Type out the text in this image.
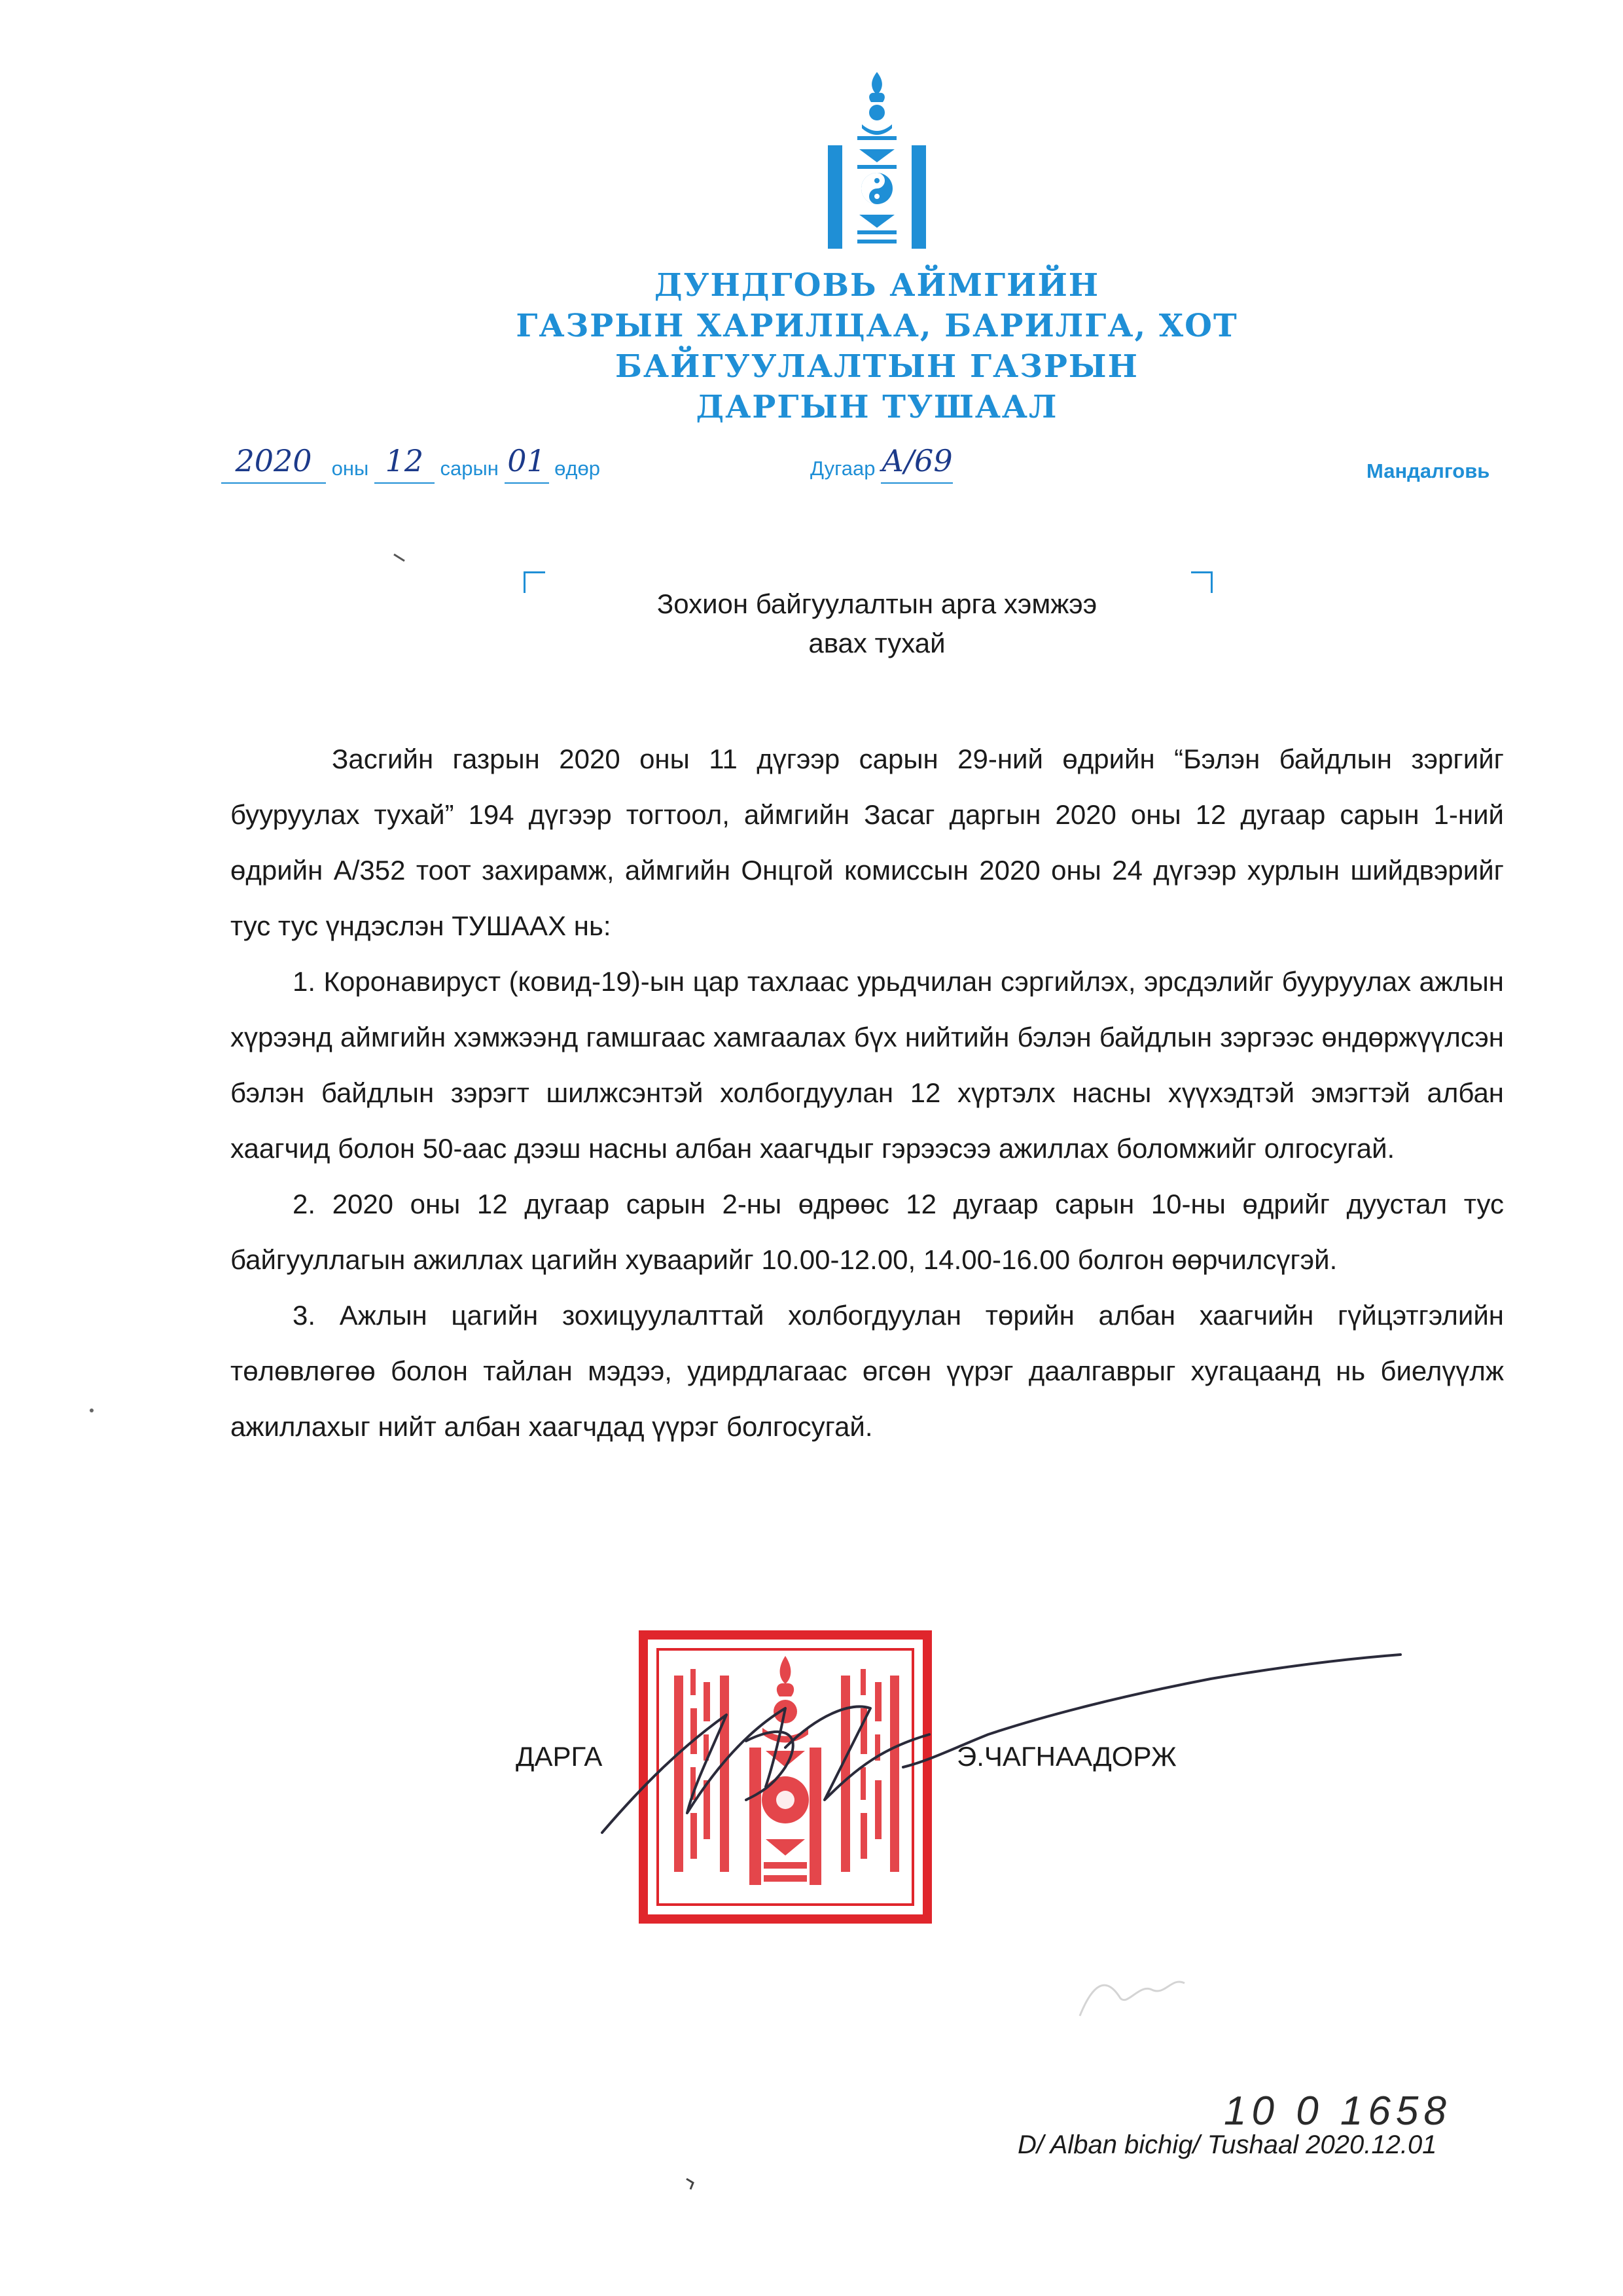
ДУНДГОВЬ АЙМГИЙН
ГАЗРЫН ХАРИЛЦАА, БАРИЛГА, ХОТ
БАЙГУУЛАЛТЫН ГАЗРЫН
ДАРГЫН ТУШААЛ
2020 оны 12 сарын 01 өдөр	Дугаар А/69	Мандалговь
Зохион байгуулалтын арга хэмжээ
авах тухай

Засгийн газрын 2020 оны 11 дүгээр сарын 29-ний өдрийн “Бэлэн байдлын зэргийг бууруулах тухай” 194 дүгээр тогтоол, аймгийн Засаг даргын 2020 оны 12 дугаар сарын 1-ний өдрийн А/352 тоот захирамж, аймгийн Онцгой комиссын 2020 оны 24 дүгээр хурлын шийдвэрийг тус тус үндэслэн ТУШААХ нь:

1. Коронавируст (ковид-19)-ын цар тахлаас урьдчилан сэргийлэх, эрсдэлийг бууруулах ажлын хүрээнд аймгийн хэмжээнд гамшгаас хамгаалах бүх нийтийн бэлэн байдлын зэргээс өндөржүүлсэн бэлэн байдлын зэрэгт шилжсэнтэй холбогдуулан 12 хүртэлх насны хүүхэдтэй эмэгтэй албан хаагчид болон 50-аас дээш насны албан хаагчдыг гэрээсээ ажиллах боломжийг олгосугай.

2. 2020 оны 12 дугаар сарын 2-ны өдрөөс 12 дугаар сарын 10-ны өдрийг дуустал тус байгууллагын ажиллах цагийн хуваарийг 10.00-12.00, 14.00-16.00 болгон өөрчилсүгэй.

3. Ажлын цагийн зохицуулалттай холбогдуулан төрийн албан хаагчийн гүйцэтгэлийн төлөвлөгөө болон тайлан мэдээ, удирдлагаас өгсөн үүрэг даалгаврыг хугацаанд нь биелүүлж ажиллахыг нийт албан хаагчдад үүрэг болгосугай.

ДАРГА	Э.ЧАГНААДОРЖ
10 0 1658
D/ Alban bichig/ Tushaal 2020.12.01
